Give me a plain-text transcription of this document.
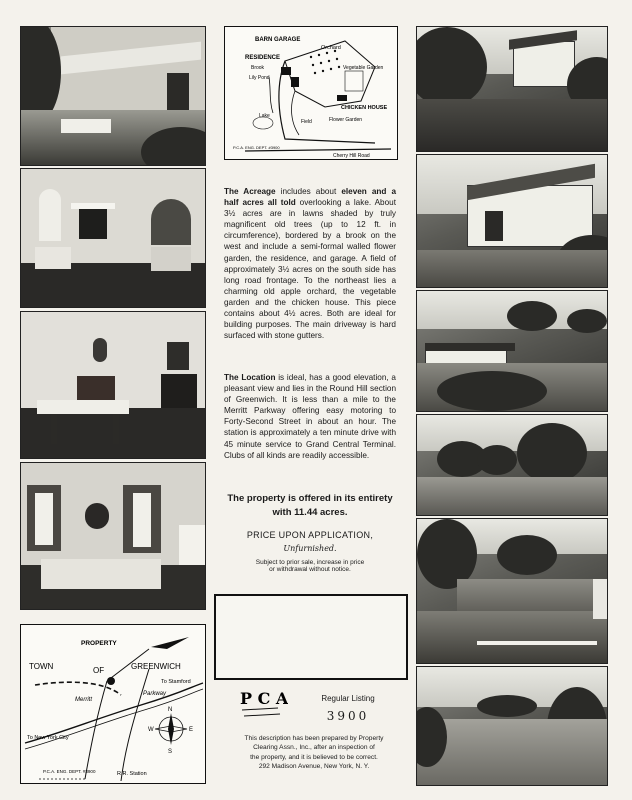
PROPERTY
TOWN	OF	GREENWICH
Merritt
Parkway
To Stamford
To New York City
N
S
E
W
R.R. Station
P.C.A. ENG. DEPT. #3900
BARN GARAGE
RESIDENCE
Brook
Lily Pond
Orchard
Vegetable Garden
CHICKEN HOUSE
Flower Garden
Lake
Field
Cherry Hill Road
P.C.A. ENG. DEPT. #3900
The Acreage includes about eleven and a half acres all told overlooking a lake. About 3½ acres are in lawns shaded by truly magnificent old trees (up to 12 ft. in circumference), bordered by a brook on the west and include a semi-formal walled flower garden, the residence, and garage. A field of approximately 3½ acres on the south side has long road frontage. To the northeast lies a charming old apple orchard, the vegetable garden and the chicken house. This piece contains about 4½ acres. Both are ideal for building purposes. The main driveway is hard surfaced with stone gutters.
The Location is ideal, has a good elevation, a pleasant view and lies in the Round Hill section of Greenwich. It is less than a mile to the Merritt Parkway offering easy motoring to Forty-Second Street in about an hour. The station is approximately a ten minute drive with 45 minute service to Grand Central Terminal. Clubs of all kinds are readily accessible.
The property is offered in its entirety
with 11.44 acres.
PRICE UPON APPLICATION,
Unfurnished.
Subject to prior sale, increase in price
or withdrawal without notice.
P C A	Regular Listing
3900
This description has been prepared by Property
Clearing Assn., Inc., after an inspection of
the property, and it is believed to be correct.
292 Madison Avenue, New York, N. Y.
